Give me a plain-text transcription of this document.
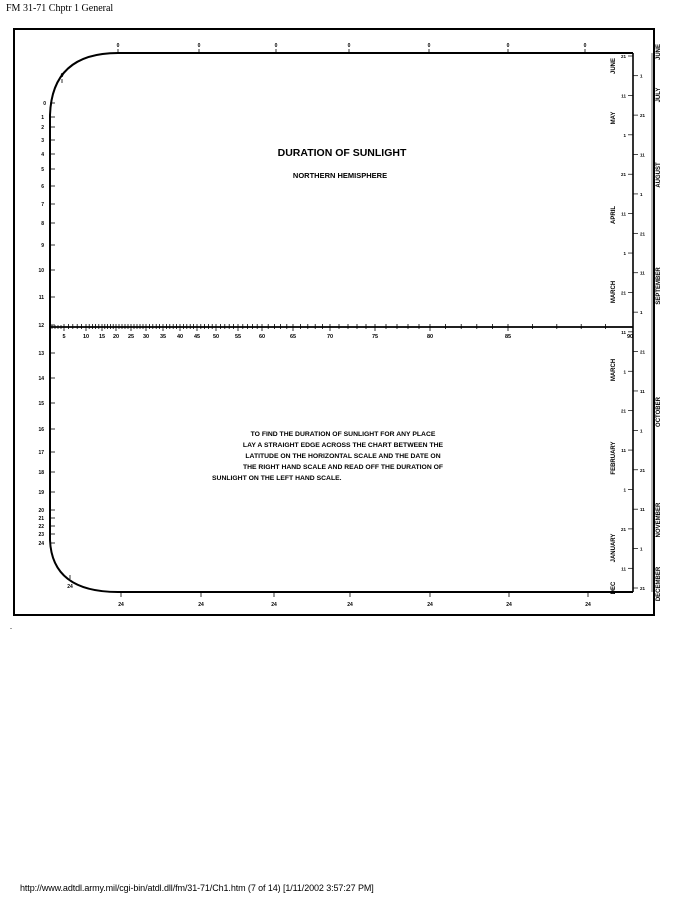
FM 31-71 Chptr 1 General
5	10 15 20 25 30 35 40 45 50	55	60	65	70	75	80	85	90
0
1
2
3
4
5
6
7
8
9
10
11
12
13
14
15
16
17
18
19
20
21
22
23
24
0
0	0	0	0	0	0	0
24
24	24	24	24	24	24	24
21
1
11
21
1
11
21
1
11
21
1
11
21
1
11
21
1
11
21
1
11
21
1
11
21
1
11
21
JUNE
MAY
APRIL
MARCH
MARCH
FEBRUARY
JANUARY
DEC
JUNE
JULY
AUGUST
SEPTEMBER
OCTOBER
NOVEMBER
DECEMBER
DURATION OF SUNLIGHT
NORTHERN HEMISPHERE
TO FIND THE DURATION OF SUNLIGHT FOR ANY PLACE
LAY A STRAIGHT EDGE ACROSS THE CHART BETWEEN THE
LATITUDE ON THE HORIZONTAL SCALE AND THE DATE ON
THE RIGHT HAND SCALE AND READ OFF THE DURATION OF
SUNLIGHT ON THE LEFT HAND SCALE.
.
http://www.adtdl.army.mil/cgi-bin/atdl.dll/fm/31-71/Ch1.htm (7 of 14) [1/11/2002 3:57:27 PM]
